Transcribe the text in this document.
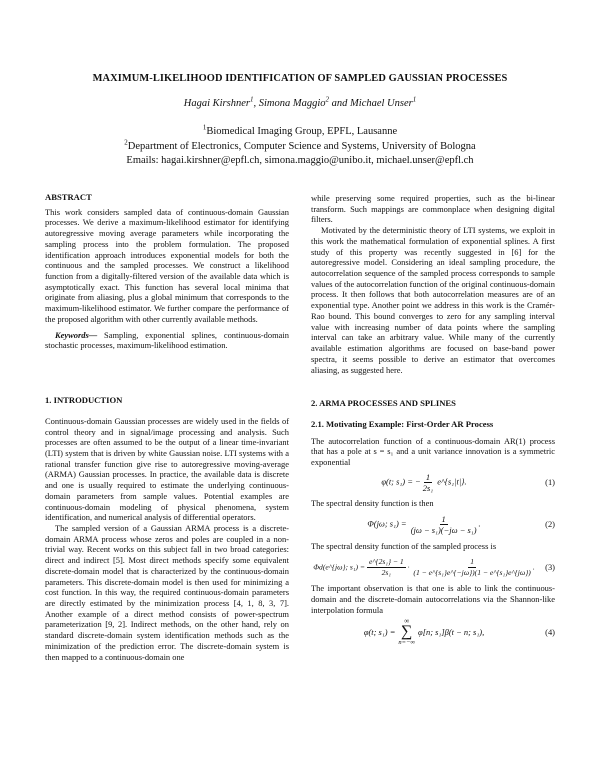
MAXIMUM-LIKELIHOOD IDENTIFICATION OF SAMPLED GAUSSIAN PROCESSES
Hagai Kirshner$^1$, Simona Maggio$^2$ and Michael Unser$^1$
$^1$Biomedical Imaging Group, EPFL, Lausanne
$^2$Department of Electronics, Computer Science and Systems, University of Bologna
Emails: hagai.kirshner@epfl.ch, simona.maggio@unibo.it, michael.unser@epfl.ch

ABSTRACT

This work considers sampled data of continuous-domain Gaussian processes. We derive a maximum-likelihood estimator for identifying autoregressive moving average parameters while incorporating the sampling process into the problem formulation. The proposed identification approach introduces exponential models for both the continuous and the sampled processes. We construct a likelihood function from a digitally-filtered version of the available data which is asymptotically exact. This function has several local minima that originate from aliasing, plus a global minimum that corresponds to the maximum-likelihood estimator. We further compare the performance of the proposed algorithm with other currently available methods.

Keywords— Sampling, exponential splines, continuous-domain stochastic processes, maximum-likelihood estimation.

1. INTRODUCTION

Continuous-domain Gaussian processes are widely used in the fields of control theory and in signal/image processing and analysis. Such processes are often assumed to be the output of a linear time-invariant (LTI) system that is driven by white Gaussian noise. LTI systems with a rational transfer function give rise to autoregressive moving-average (ARMA) Gaussian processes. In practice, the available data is discrete and one is usually required to estimate the underlying continuous-domain parameters from sample values. Potential examples are continuous-domain modeling of physical phenomena, system identification, and numerical analysis of differential operators.

The sampled version of a Gaussian ARMA process is a discrete-domain ARMA process whose zeros and poles are coupled in a non-trivial way. Recent works on this subject fall in two broad categories: direct and indirect [5]. Most direct methods specify some equivalent discrete-domain model that is characterized by the continuous-domain parameters. This discrete-domain model is then used for minimizing a cost function. In this way, the required continuous-domain parameters are directly estimated by the minimization process [4, 1, 8, 3, 7]. Another example of a direct method consists of power-spectrum parameterization [9, 2]. Indirect methods, on the other hand, rely on standard discrete-domain system identification methods such as the minimization of the prediction error. The discrete-domain system is then mapped to a continuous-domain one

while preserving some required properties, such as the bi-linear transform. Such mappings are commonplace when designing digital filters.

Motivated by the deterministic theory of LTI systems, we exploit in this work the mathematical formulation of exponential splines. A first study of this property was recently suggested in [6] for the autoregressive model. Considering an ideal sampling procedure, the autocorrelation sequence of the sampled process corresponds to sample values of the autocorrelation function of the original continuous-domain process. It then follows that both autocorrelation measures are of an exponential type. Another point we address in this work is the Cramér-Rao bound. This bound converges to zero for any sampling interval value with increasing number of data points where the sampling interval can take an arbitrary value. While many of the currently available estimation algorithms are focused on base-band power spectra, it seems possible to derive an estimator that overcomes aliasing, as suggested here.

2. ARMA PROCESSES AND SPLINES

2.1. Motivating Example: First-Order AR Process

The autocorrelation function of a continuous-domain AR(1) process that has a pole at s = s₁ and a unit variance innovation is a symmetric exponential

φ(t; s₁) = − $\frac{1}{\text{2s₁}}$ e^{s₁|t|}.	(1)

The spectral density function is then

Φ(jω; $s_1) = \frac{1}{\text{(jω − s₁)(−jω − s₁)}}$ .	(2)

The spectral density function of the sampled process is

Φd(e^{jω}; $s_1) = \frac{\text{e\textasciicircum{}\{2s₁\} − 1}}{\text{2s₁}} \cdot \frac{1}{\text{(1 − e\textasciicircum{}\{s₁\}e\textasciicircum{}\{−jω\})(1 − e\textasciicircum{}\{s₁\}e\textasciicircum{}\{jω\})}}$ .	(3)

The important observation is that one is able to link the continuous-domain and the discrete-domain autocorrelations via the Shannon-like interpolation formula

φ(t; s₁) =
∞
∑
n=−∞
φ[n; s₁]β(t − n; s₁),	(4)
